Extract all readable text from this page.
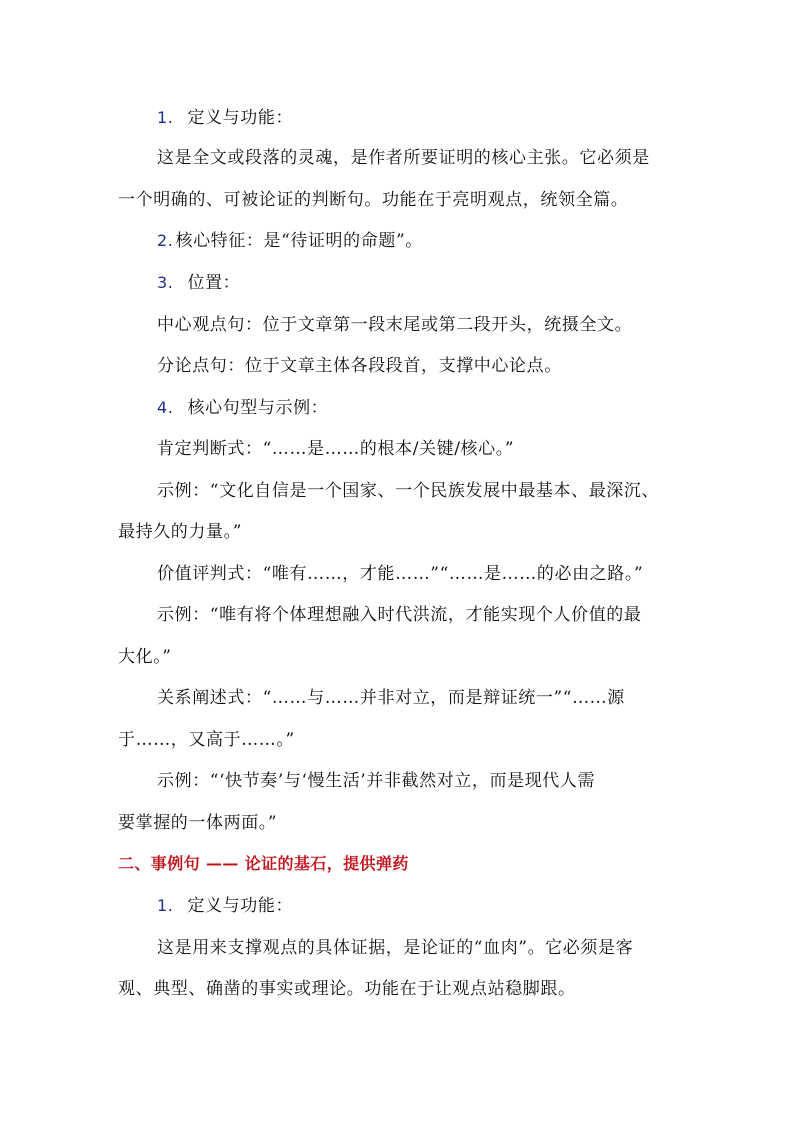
1. 定义与功能：
这是全文或段落的灵魂，是作者所要证明的核心主张。它必须是
一个明确的、可被论证的判断句。功能在于亮明观点，统领全篇。
2. 核心特征：是“待证明的命题”。
3. 位置：
中心观点句：位于文章第一段末尾或第二段开头，统摄全文。
分论点句：位于文章主体各段段首，支撑中心论点。
4. 核心句型与示例：
肯定判断式：“……是……的根本/关键/核心。”
示例：“文化自信是一个国家、一个民族发展中最基本、最深沉、
最持久的力量。”
价值评判式：“唯有……，才能……”“……是……的必由之路。”
示例：“唯有将个体理想融入时代洪流，才能实现个人价值的最
大化。”
关系阐述式：“……与……并非对立，而是辩证统一”“……源
于……，又高于……。”
示例：“‘快节奏’与‘慢生活’并非截然对立，而是现代人需
要掌握的一体两面。”
二、事例句 —— 论证的基石，提供弹药
1. 定义与功能：
这是用来支撑观点的具体证据，是论证的“血肉”。它必须是客
观、典型、确凿的事实或理论。功能在于让观点站稳脚跟。
